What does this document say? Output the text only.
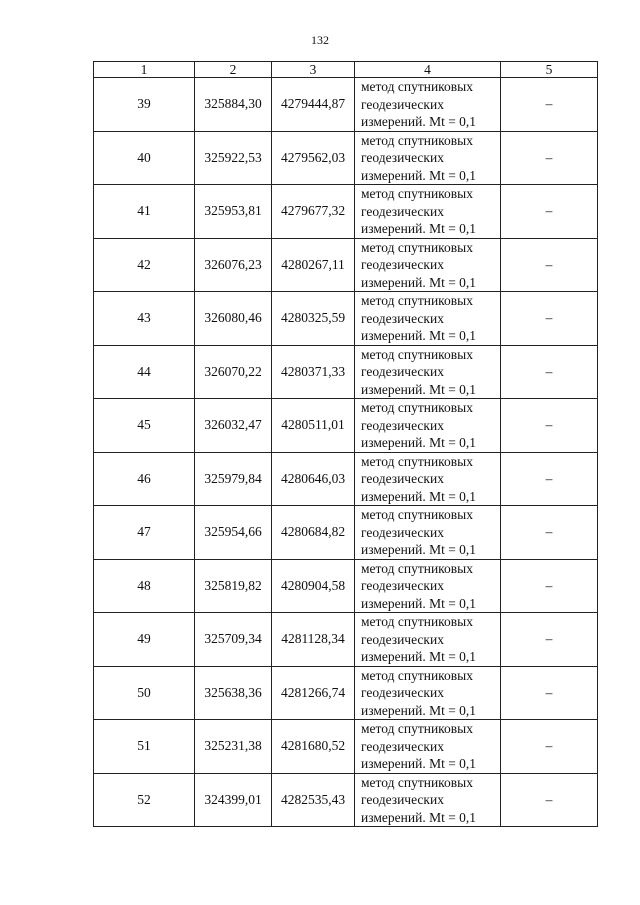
132
1	2	3	4	5
39	325884,30	4279444,87	метод спутниковых
геодезических
измерений. Mt = 0,1	–
40	325922,53	4279562,03	метод спутниковых
геодезических
измерений. Mt = 0,1	–
41	325953,81	4279677,32	метод спутниковых
геодезических
измерений. Mt = 0,1	–
42	326076,23	4280267,11	метод спутниковых
геодезических
измерений. Mt = 0,1	–
43	326080,46	4280325,59	метод спутниковых
геодезических
измерений. Mt = 0,1	–
44	326070,22	4280371,33	метод спутниковых
геодезических
измерений. Mt = 0,1	–
45	326032,47	4280511,01	метод спутниковых
геодезических
измерений. Mt = 0,1	–
46	325979,84	4280646,03	метод спутниковых
геодезических
измерений. Mt = 0,1	–
47	325954,66	4280684,82	метод спутниковых
геодезических
измерений. Mt = 0,1	–
48	325819,82	4280904,58	метод спутниковых
геодезических
измерений. Mt = 0,1	–
49	325709,34	4281128,34	метод спутниковых
геодезических
измерений. Mt = 0,1	–
50	325638,36	4281266,74	метод спутниковых
геодезических
измерений. Mt = 0,1	–
51	325231,38	4281680,52	метод спутниковых
геодезических
измерений. Mt = 0,1	–
52	324399,01	4282535,43	метод спутниковых
геодезических
измерений. Mt = 0,1	–
